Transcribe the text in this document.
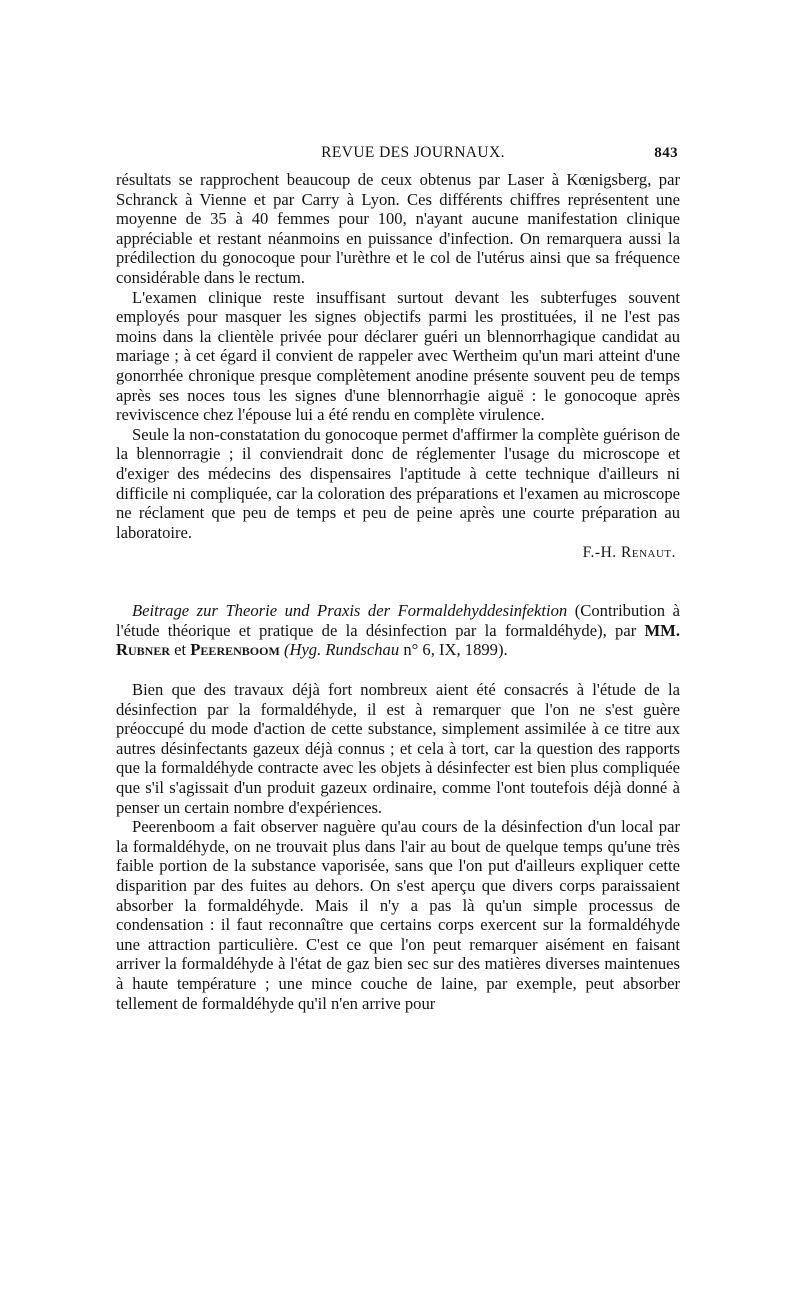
REVUE DES JOURNAUX.	843

résultats se rapprochent beaucoup de ceux obtenus par Laser à Kœnigsberg, par Schranck à Vienne et par Carry à Lyon. Ces différents chiffres représentent une moyenne de 35 à 40 femmes pour 100, n'ayant aucune manifestation clinique appréciable et restant néanmoins en puissance d'infection. On remarquera aussi la prédilection du gonocoque pour l'urèthre et le col de l'utérus ainsi que sa fréquence considérable dans le rectum.

L'examen clinique reste insuffisant surtout devant les subterfuges souvent employés pour masquer les signes objectifs parmi les prostituées, il ne l'est pas moins dans la clientèle privée pour déclarer guéri un blennorrhagique candidat au mariage ; à cet égard il convient de rappeler avec Wertheim qu'un mari atteint d'une gonorrhée chronique presque complètement anodine présente souvent peu de temps après ses noces tous les signes d'une blennorrhagie aiguë : le gonocoque après reviviscence chez l'épouse lui a été rendu en complète virulence.

Seule la non-constatation du gonocoque permet d'affirmer la complète guérison de la blennorragie ; il conviendrait donc de réglementer l'usage du microscope et d'exiger des médecins des dispensaires l'aptitude à cette technique d'ailleurs ni difficile ni compliquée, car la coloration des préparations et l'examen au microscope ne réclament que peu de temps et peu de peine après une courte préparation au laboratoire.

F.-H. Renaut.

Beitrage zur Theorie und Praxis der Formaldehyddesinfektion (Contribution à l'étude théorique et pratique de la désinfection par la formaldéhyde), par MM. Rubner et Peerenboom (Hyg. Rundschau n° 6, IX, 1899).

Bien que des travaux déjà fort nombreux aient été consacrés à l'étude de la désinfection par la formaldéhyde, il est à remarquer que l'on ne s'est guère préoccupé du mode d'action de cette substance, simplement assimilée à ce titre aux autres désinfectants gazeux déjà connus ; et cela à tort, car la question des rapports que la formaldéhyde contracte avec les objets à désinfecter est bien plus compliquée que s'il s'agissait d'un produit gazeux ordinaire, comme l'ont toutefois déjà donné à penser un certain nombre d'expériences.

Peerenboom a fait observer naguère qu'au cours de la désinfection d'un local par la formaldéhyde, on ne trouvait plus dans l'air au bout de quelque temps qu'une très faible portion de la substance vaporisée, sans que l'on put d'ailleurs expliquer cette disparition par des fuites au dehors. On s'est aperçu que divers corps paraissaient absorber la formaldéhyde. Mais il n'y a pas là qu'un simple processus de condensation : il faut reconnaître que certains corps exercent sur la formaldéhyde une attraction particulière. C'est ce que l'on peut remarquer aisément en faisant arriver la formaldéhyde à l'état de gaz bien sec sur des matières diverses maintenues à haute température ; une mince couche de laine, par exemple, peut absorber tellement de formaldéhyde qu'il n'en arrive pour
